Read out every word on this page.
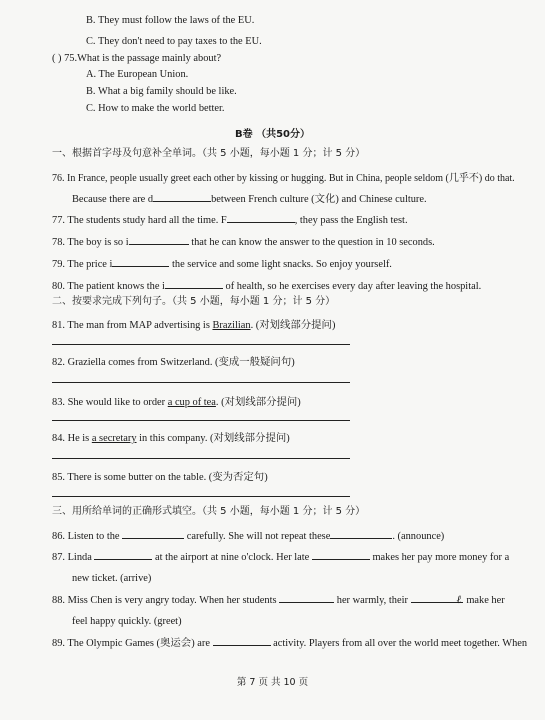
B. They must follow the laws of the EU.
C. They don't need to pay taxes to the EU.
( ) 75.What is the passage mainly about?
A. The European Union.
B. What a big family should be like.
C. How to make the world better.
B卷 （共50分）
一、根据首字母及句意补全单词。（共 5 小题，每小题 1 分；计 5 分）
76. In France, people usually greet each other by kissing or hugging. But in China, people seldom (几乎不) do that.
Because there are d	between French culture (文化) and Chinese culture.
77. The students study hard all the time. F	, they pass the English test.
78. The boy is so i	that he can know the answer to the question in 10 seconds.
79. The price i	the service and some light snacks. So enjoy yourself.
80. The patient knows the i	of health, so he exercises every day after leaving the hospital.
二、按要求完成下列句子。（共 5 小题，每小题 1 分；计 5 分）
81. The man from MAP advertising is Brazilian. (对划线部分提问)
82. Graziella comes from Switzerland. (变成一般疑问句)
83. She would like to order a cup of tea. (对划线部分提问)
84. He is a secretary in this company. (对划线部分提问)
85. There is some butter on the table. (变为否定句)
三、用所给单词的正确形式填空。（共 5 小题，每小题 1 分；计 5 分）
86. Listen to the	carefully. She will not repeat these	. (announce)
87. Linda	at the airport at nine o'clock. Her late	makes her pay more money for a
new ticket. (arrive)
88. Miss Chen is very angry today. When her students	her warmly, their	ℓ make her
feel happy quickly. (greet)
89. The Olympic Games (奥运会) are	activity. Players from all over the world meet together. When
第 7 页 共 10 页
